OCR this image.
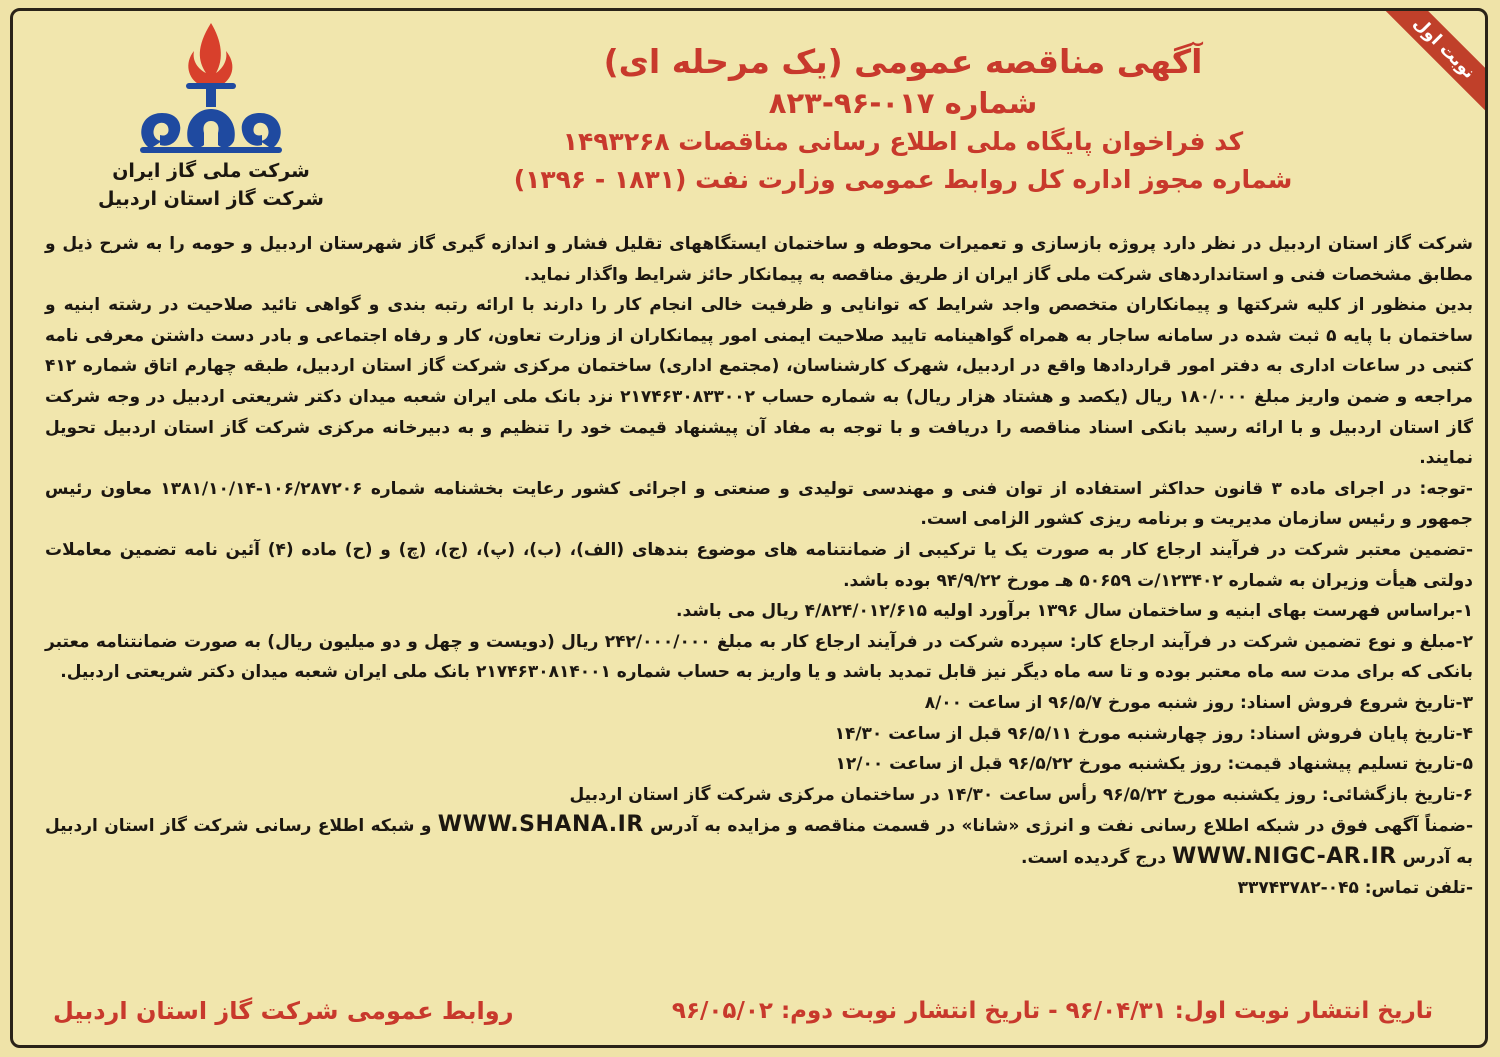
نوبت اول
شرکت ملی گاز ایران
شرکت گاز استان اردبیل
آگهی مناقصه عمومی (یک مرحله ای)
شماره ۰۱۷-۹۶-۸۲۳
کد فراخوان پایگاه ملی اطلاع رسانی مناقصات ۱۴۹۳۲۶۸
شماره مجوز اداره کل روابط عمومی وزارت نفت (۱۸۳۱ - ۱۳۹۶)

شرکت گاز استان اردبیل در نظر دارد پروژه بازسازی و تعمیرات محوطه و ساختمان ایستگاههای تقلیل فشار و اندازه گیری گاز شهرستان اردبیل و حومه را به شرح ذیل و مطابق مشخصات فنی و استانداردهای شرکت ملی گاز ایران از طریق مناقصه به پیمانکار حائز شرایط واگذار نماید.

بدین منظور از کلیه شرکتها و پیمانکاران متخصص واجد شرایط که توانایی و ظرفیت خالی انجام کار را دارند با ارائه رتبه بندی و گواهی تائید صلاحیت در رشته ابنیه و ساختمان با پایه ۵ ثبت شده در سامانه ساجار به همراه گواهینامه تایید صلاحیت ایمنی امور پیمانکاران از وزارت تعاون، کار و رفاه اجتماعی و بادر دست داشتن معرفی نامه کتبی در ساعات اداری به دفتر امور قراردادها واقع در اردبیل، شهرک کارشناسان، (مجتمع اداری) ساختمان مرکزی شرکت گاز استان اردبیل، طبقه چهارم اتاق شماره ۴۱۲ مراجعه و ضمن واریز مبلغ ۱۸۰/۰۰۰ ریال (یکصد و هشتاد هزار ریال) به شماره حساب ۲۱۷۴۶۳۰۸۳۳۰۰۲ نزد بانک ملی ایران شعبه میدان دکتر شریعتی اردبیل در وجه شرکت گاز استان اردبیل و با ارائه رسید بانکی اسناد مناقصه را دریافت و با توجه به مفاد آن پیشنهاد قیمت خود را تنظیم و به دبیرخانه مرکزی شرکت گاز استان اردبیل تحویل نمایند.

-توجه: در اجرای ماده ۳ قانون حداکثر استفاده از توان فنی و مهندسی تولیدی و صنعتی و اجرائی کشور رعایت بخشنامه شماره ۱۰۶/۲۸۷۲۰۶-۱۳۸۱/۱۰/۱۴ معاون رئیس جمهور و رئیس سازمان مدیریت و برنامه ریزی کشور الزامی است.

-تضمین معتبر شرکت در فرآیند ارجاع کار به صورت یک یا ترکیبی از ضمانتنامه های موضوع بندهای (الف)، (ب)، (پ)، (ج)، (چ) و (ح) ماده (۴) آئین نامه تضمین معاملات دولتی هیأت وزیران به شماره ۱۲۳۴۰۲/ت ۵۰۶۵۹ هـ مورخ ۹۴/۹/۲۲ بوده باشد.

۱-براساس فهرست بهای ابنیه و ساختمان سال ۱۳۹۶ برآورد اولیه ۴/۸۲۴/۰۱۲/۶۱۵ ریال می باشد.

۲-مبلغ و نوع تضمین شرکت در فرآیند ارجاع کار: سپرده شرکت در فرآیند ارجاع کار به مبلغ ۲۴۲/۰۰۰/۰۰۰ ریال (دویست و چهل و دو میلیون ریال) به صورت ضمانتنامه معتبر بانکی که برای مدت سه ماه معتبر بوده و تا سه ماه دیگر نیز قابل تمدید باشد و یا واریز به حساب شماره ۲۱۷۴۶۳۰۸۱۴۰۰۱ بانک ملی ایران شعبه میدان دکتر شریعتی اردبیل.

۳-تاریخ شروع فروش اسناد: روز شنبه مورخ ۹۶/۵/۷ از ساعت ۸/۰۰

۴-تاریخ پایان فروش اسناد: روز چهارشنبه مورخ ۹۶/۵/۱۱ قبل از ساعت ۱۴/۳۰

۵-تاریخ تسلیم پیشنهاد قیمت: روز یکشنبه مورخ ۹۶/۵/۲۲ قبل از ساعت ۱۲/۰۰

۶-تاریخ بازگشائی: روز یکشنبه مورخ ۹۶/۵/۲۲ رأس ساعت ۱۴/۳۰ در ساختمان مرکزی شرکت گاز استان اردبیل

-ضمناً آگهی فوق در شبکه اطلاع رسانی نفت و انرژی «شانا» در قسمت مناقصه و مزایده به آدرس WWW.SHANA.IR و شبکه اطلاع رسانی شرکت گاز استان اردبیل به آدرس WWW.NIGC-AR.IR درج گردیده است.

-تلفن تماس: ۰۴۵-۳۳۷۴۳۷۸۲

تاریخ انتشار نوبت اول: ۹۶/۰۴/۳۱ - تاریخ انتشار نوبت دوم: ۹۶/۰۵/۰۲
روابط عمومی شرکت گاز استان اردبیل
